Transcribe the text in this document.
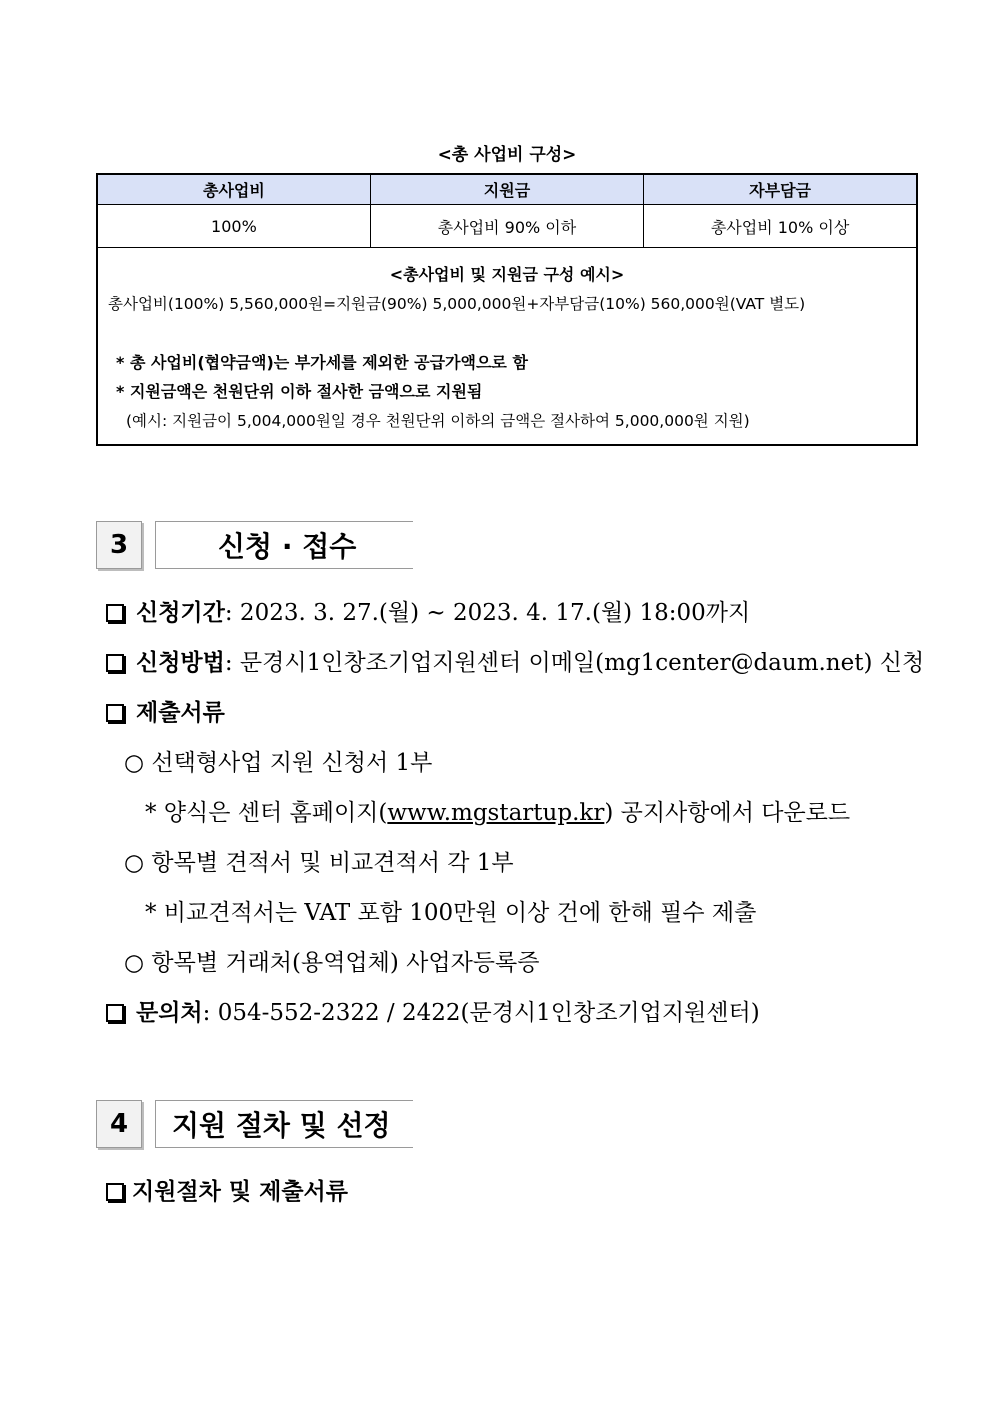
<총 사업비 구성>
총사업비	지원금	자부담금
100%	총사업비 90% 이하	총사업비 10% 이상

<총사업비 및 지원금 구성 예시>
총사업비(100%) 5,560,000원=지원금(90%) 5,000,000원+자부담금(10%) 560,000원(VAT 별도)
* 총 사업비(협약금액)는 부가세를 제외한 공급가액으로 함
* 지원금액은 천원단위 이하 절사한 금액으로 지원됨
(예시: 지원금이 5,004,000원일 경우 천원단위 이하의 금액은 절사하여 5,000,000원 지원)		
3	신청 · 접수
신청기간: 2023. 3. 27.(월) ~ 2023. 4. 17.(월) 18:00까지
신청방법: 문경시1인창조기업지원센터 이메일(mg1center@daum.net) 신청
제출서류
○ 선택형사업 지원 신청서 1부
* 양식은 센터 홈페이지(www.mgstartup.kr) 공지사항에서 다운로드
○ 항목별 견적서 및 비교견적서 각 1부
* 비교견적서는 VAT 포함 100만원 이상 건에 한해 필수 제출
○ 항목별 거래처(용역업체) 사업자등록증
문의처: 054-552-2322 / 2422(문경시1인창조기업지원센터)
4	지원 절차 및 선정
지원절차 및 제출서류
